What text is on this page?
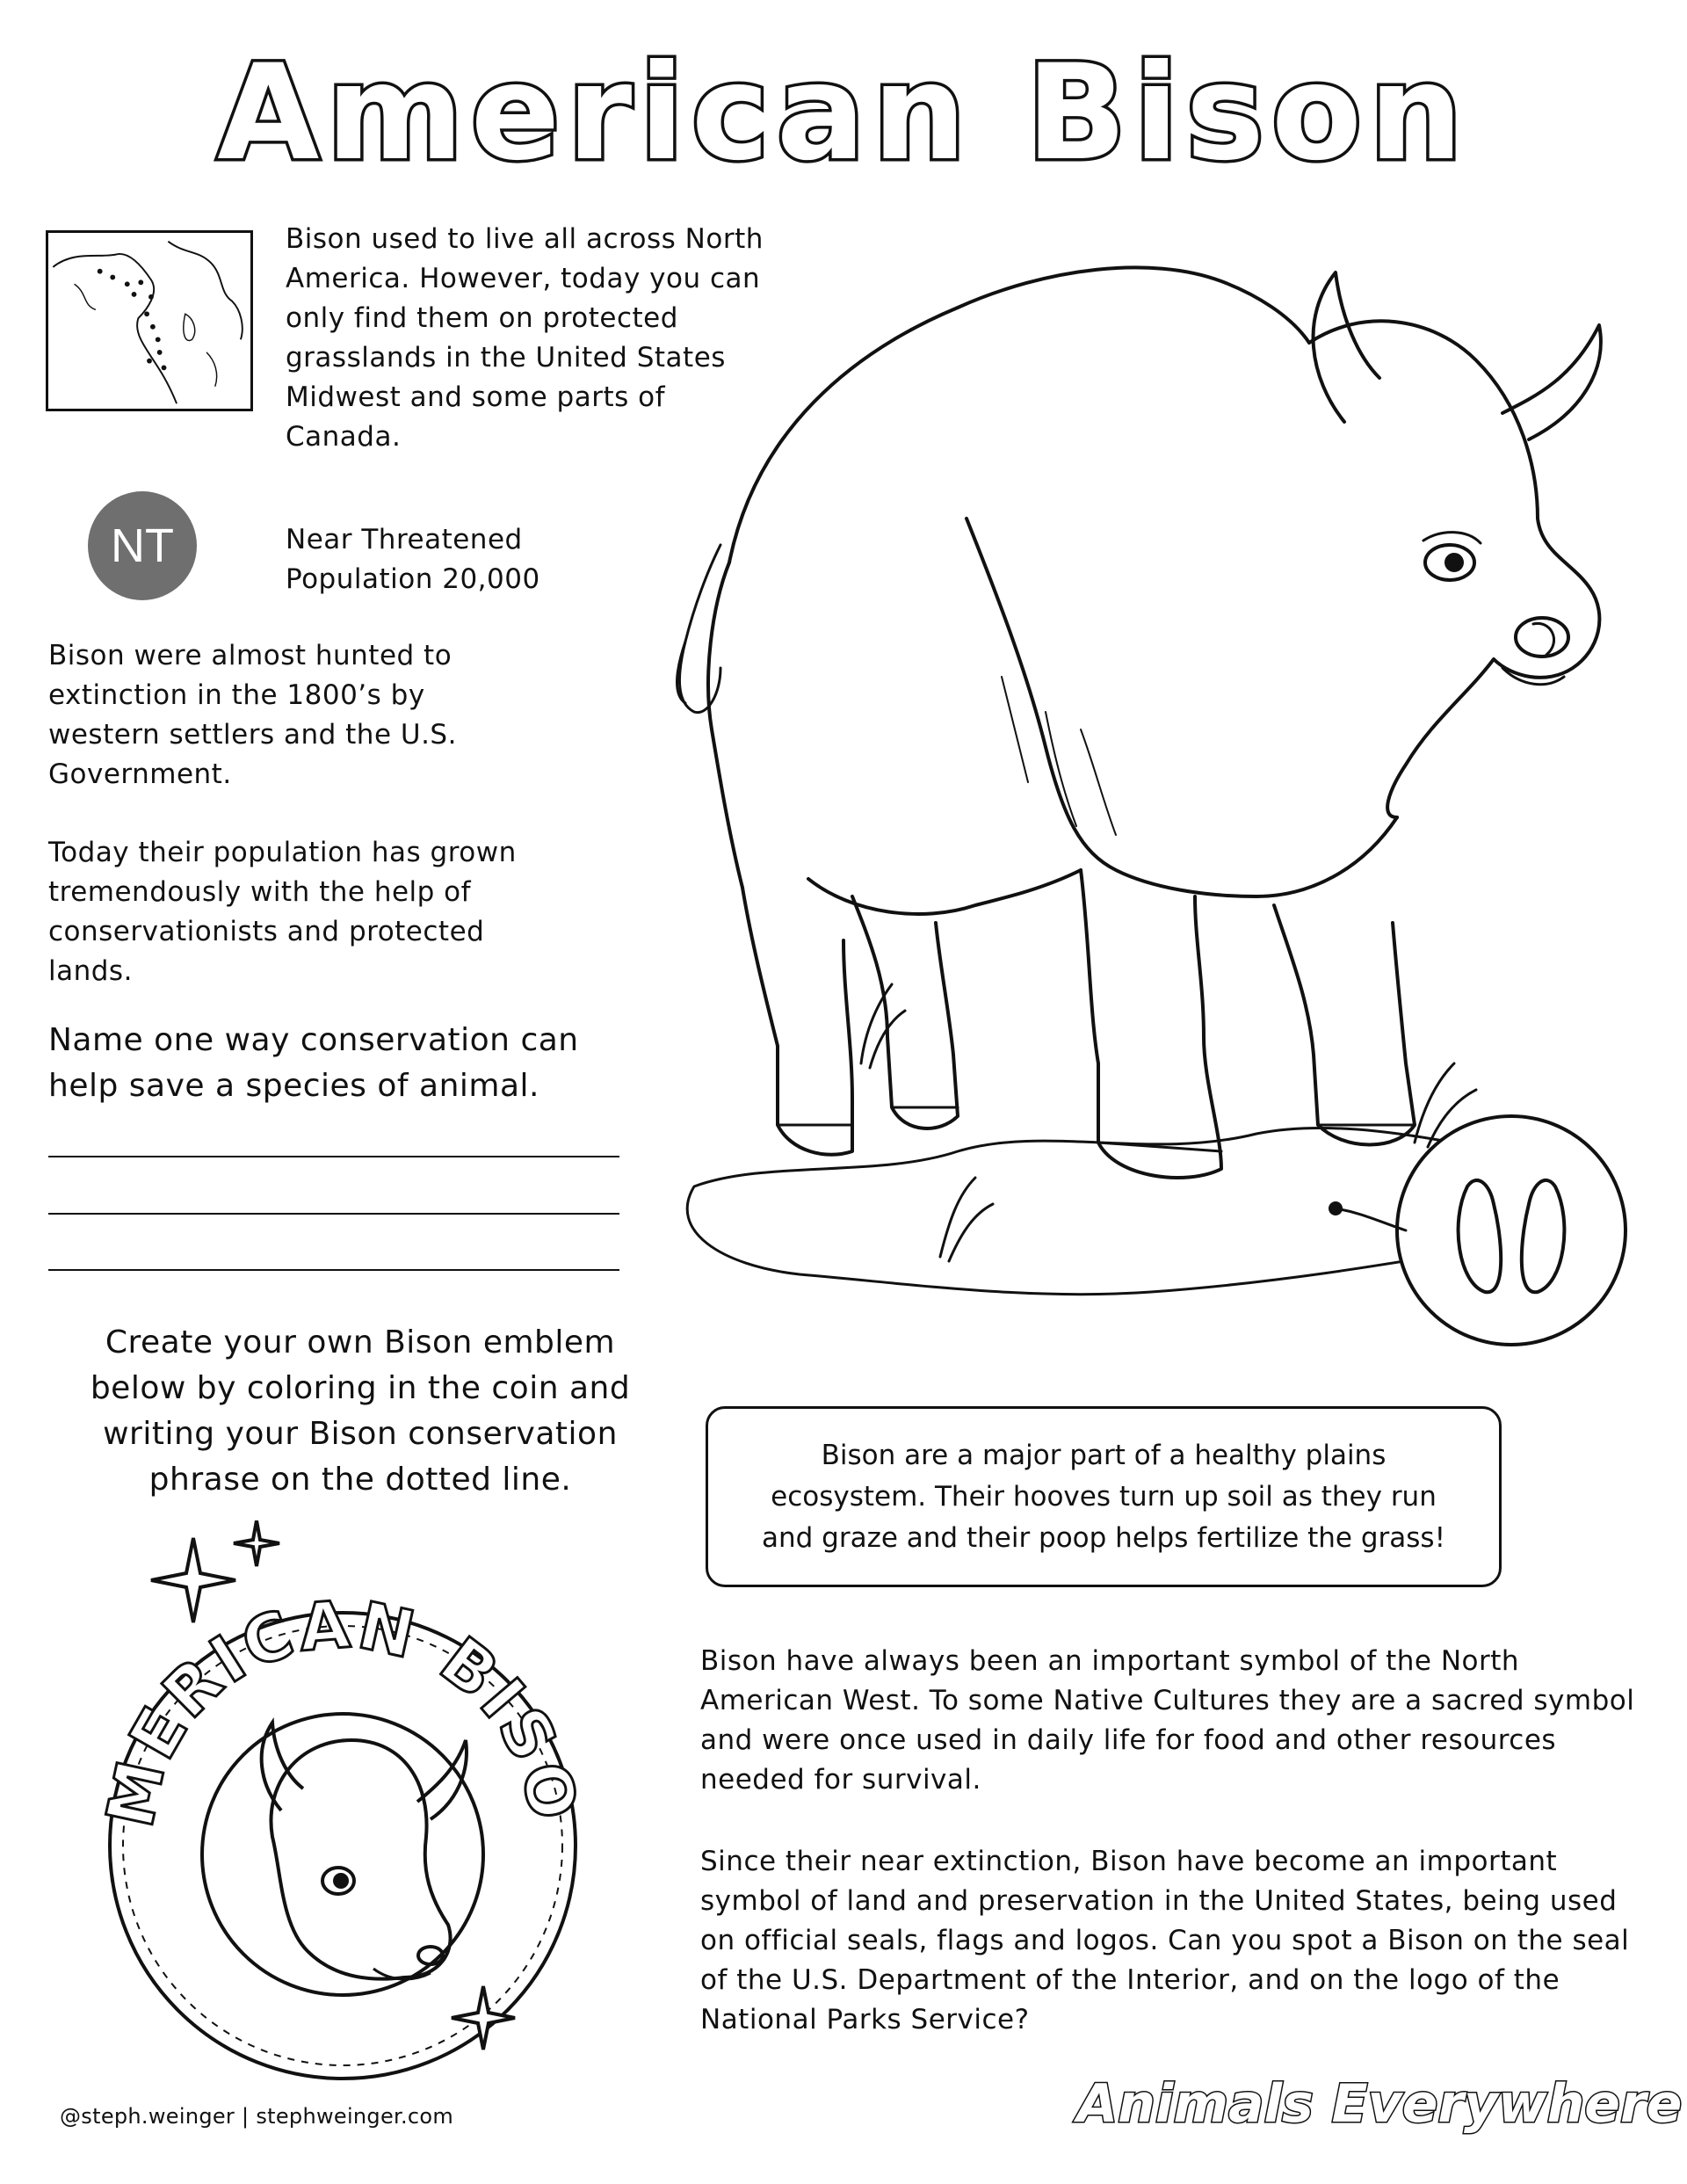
American Bison
Bison used to live all across North America. However, today you can only find them on protected grasslands in the United States Midwest and some parts of Canada.
NT	Near Threatened
Population 20,000
Bison were almost hunted to extinction in the 1800’s by western settlers and the U.S. Government.
Today their population has grown tremendously with the help of conservationists and protected lands.
Name one way conservation can help save a species of animal.
Create your own Bison emblem below by coloring in the coin and writing your Bison conservation phrase on the dotted line.
Bison are a major part of a healthy plains ecosystem. Their hooves turn up soil as they run and graze and their poop helps fertilize the grass!
Bison have always been an important symbol of the North American West. To some Native Cultures they are a sacred symbol and were once used in daily life for food and other resources needed for survival.
Since their near extinction, Bison have become an important symbol of land and preservation in the United States, being used on official seals, flags and logos. Can you spot a Bison on the seal of the U.S. Department of the Interior, and on the logo of the National Parks Service?
MERICAN BISO
@steph.weinger | stephweinger.com	Animals Everywhere
